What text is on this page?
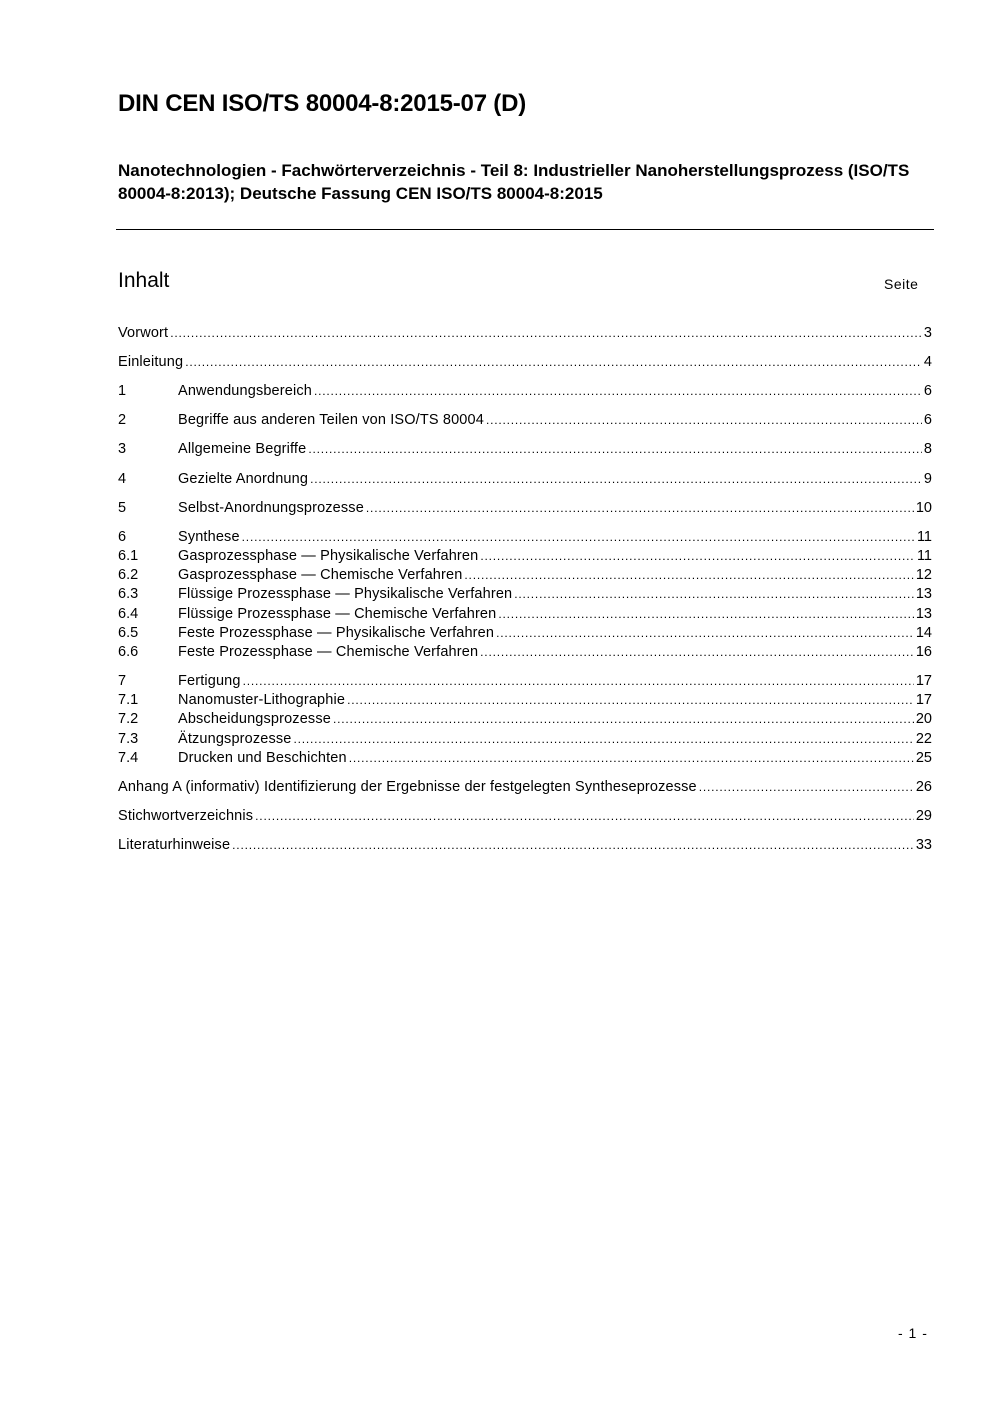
DIN CEN ISO/TS 80004-8:2015-07 (D)
Nanotechnologien - Fachwörterverzeichnis - Teil 8: Industrieller Nanoherstellungsprozess (ISO/TS 80004-8:2013); Deutsche Fassung CEN ISO/TS 80004-8:2015
Inhalt	Seite
Vorwort .....	3
Einleitung .....	4
1	Anwendungsbereich .....	6
2	Begriffe aus anderen Teilen von ISO/TS 80004 .....	6
3	Allgemeine Begriffe .....	8
4	Gezielte Anordnung .....	9
5	Selbst-Anordnungsprozesse .....	10
6	Synthese .....	11
6.1	Gasprozessphase — Physikalische Verfahren .....	11
6.2	Gasprozessphase — Chemische Verfahren .....	12
6.3	Flüssige Prozessphase — Physikalische Verfahren .....	13
6.4	Flüssige Prozessphase — Chemische Verfahren .....	13
6.5	Feste Prozessphase — Physikalische Verfahren .....	14
6.6	Feste Prozessphase — Chemische Verfahren .....	16
7	Fertigung .....	17
7.1	Nanomuster-Lithographie .....	17
7.2	Abscheidungsprozesse .....	20
7.3	Ätzungsprozesse .....	22
7.4	Drucken und Beschichten .....	25
Anhang A (informativ) Identifizierung der Ergebnisse der festgelegten Syntheseprozesse .....	26
Stichwortverzeichnis .....	29
Literaturhinweise .....	33
- 1 -
